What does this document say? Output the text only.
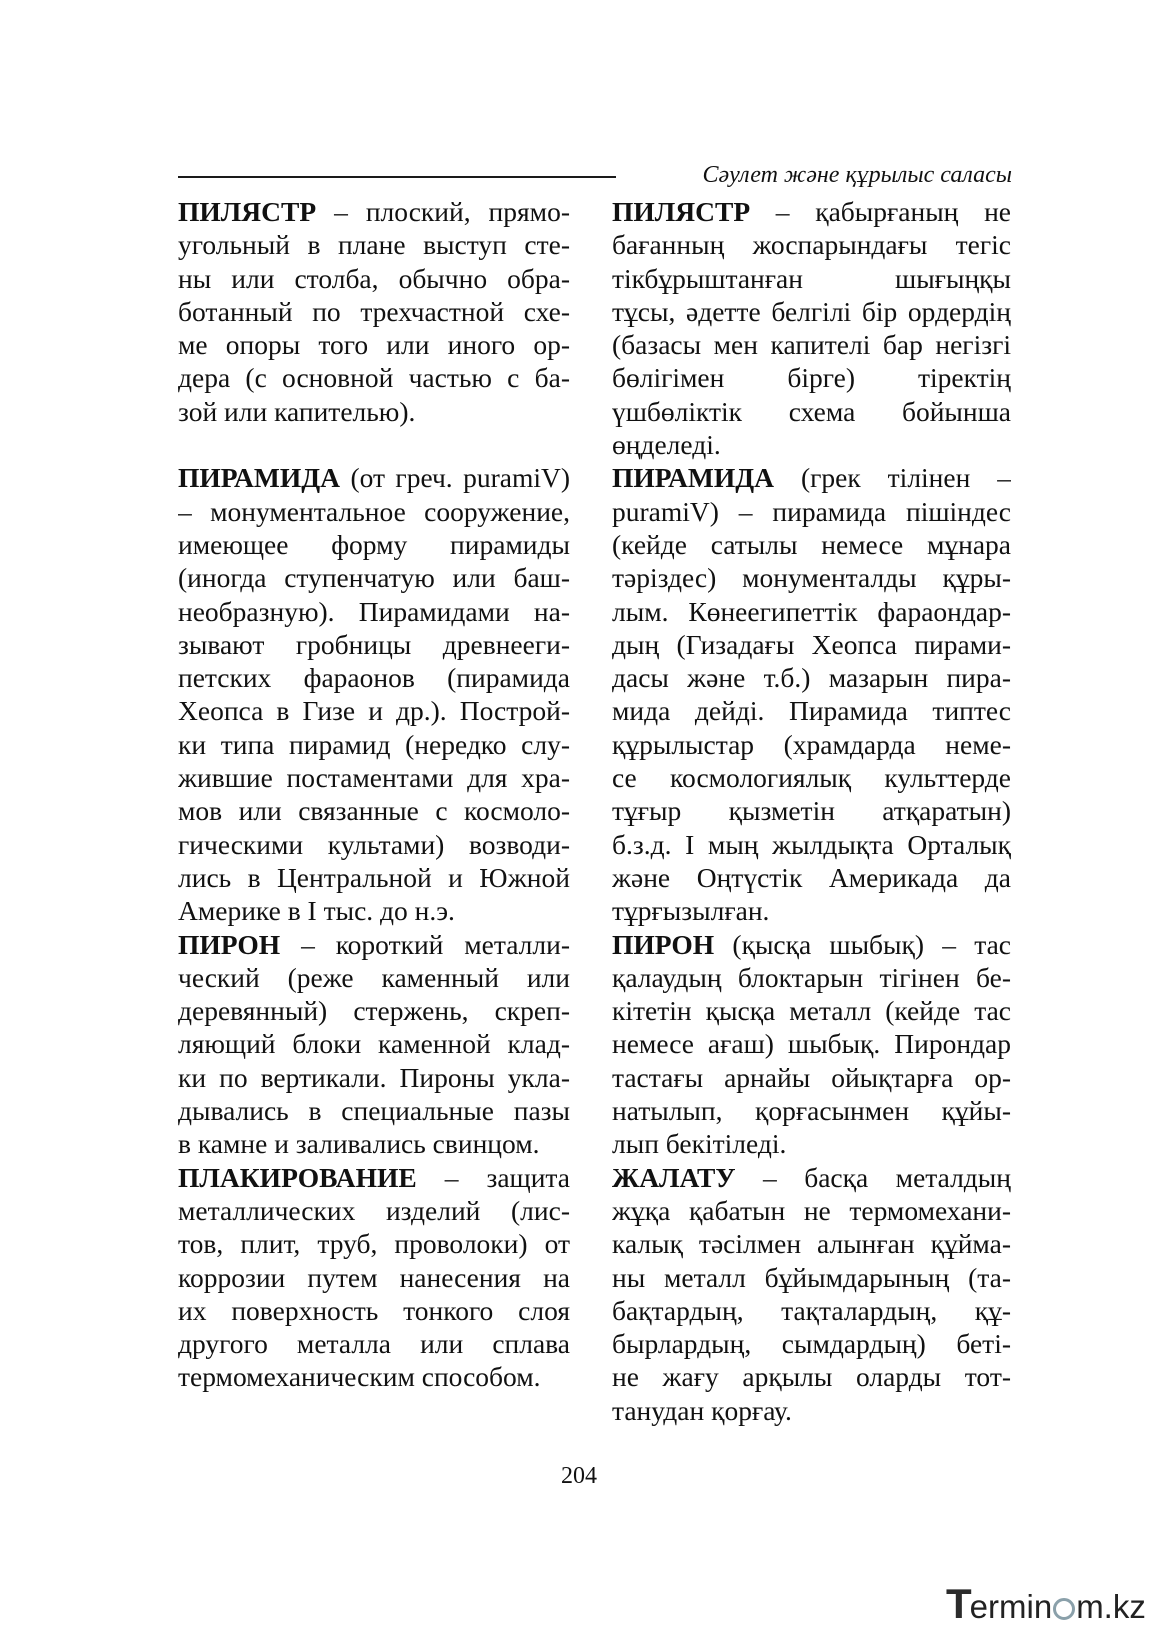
Сәулет және құрылыс саласы
ПИЛЯСТР – плоский, прямо-
угольный в плане выступ сте-
ны или столба, обычно обра-
ботанный по трехчастной схе-
ме опоры того или иного ор-
дера (с основной частью с ба-
зой или капителью).
ПИРАМИДА (от греч. puramiV)
– монументальное сооружение,
имеющее форму пирамиды
(иногда ступенчатую или баш-
необразную). Пирамидами на-
зывают гробницы древнееги-
петских фараонов (пирамида
Хеопса в Гизе и др.). Построй-
ки типа пирамид (нередко слу-
жившие постаментами для хра-
мов или связанные с космоло-
гическими культами) возводи-
лись в Центральной и Южной
Америке в I тыс. до н.э.
ПИРОН – короткий металли-
ческий (реже каменный или
деревянный) стержень, скреп-
ляющий блоки каменной клад-
ки по вертикали. Пироны укла-
дывались в специальные пазы
в камне и заливались свинцом.
ПЛАКИРОВАНИЕ – защита
металлических изделий (лис-
тов, плит, труб, проволоки) от
коррозии путем нанесения на
их поверхность тонкого слоя
другого металла или сплава
термомеханическим способом.
ПИЛЯСТР – қабырғаның не
бағанның жоспарындағы тегіс
тікбұрыштанған шығыңқы
тұсы, әдетте белгілі бір ордердің
(базасы мен капителі бар негізгі
бөлігімен бірге) тіректің
үшбөліктік схема бойынша
өңделеді.
ПИРАМИДА (грек тілінен –
puramiV) – пирамида пішіндес
(кейде сатылы немесе мұнара
тәріздес) монументалды құры-
лым. Көнеегипеттік фараондар-
дың (Гизадағы Хеопса пирами-
дасы және т.б.) мазарын пира-
мида дейді. Пирамида типтес
құрылыстар (храмдарда неме-
се космологиялық культтерде
тұғыр қызметін атқаратын)
б.з.д. I мың жылдықта Орталық
және Оңтүстік Америкада да
тұрғызылған.
ПИРОН (қысқа шыбық) – тас
қалаудың блоктарын тігінен бе-
кітетін қысқа металл (кейде тас
немесе ағаш) шыбық. Пирондар
тастағы арнайы ойықтарға ор-
натылып, қорғасынмен құйы-
лып бекітіледі.
ЖАЛАТУ – басқа металдың
жұқа қабатын не термомехани-
калық тәсілмен алынған құйма-
ны металл бұйымдарының (та-
бақтардың, тақталардың, құ-
бырлардың, сымдардың) беті-
не жағу арқылы оларды тот-
танудан қорғау.
204
Termin m.kz
